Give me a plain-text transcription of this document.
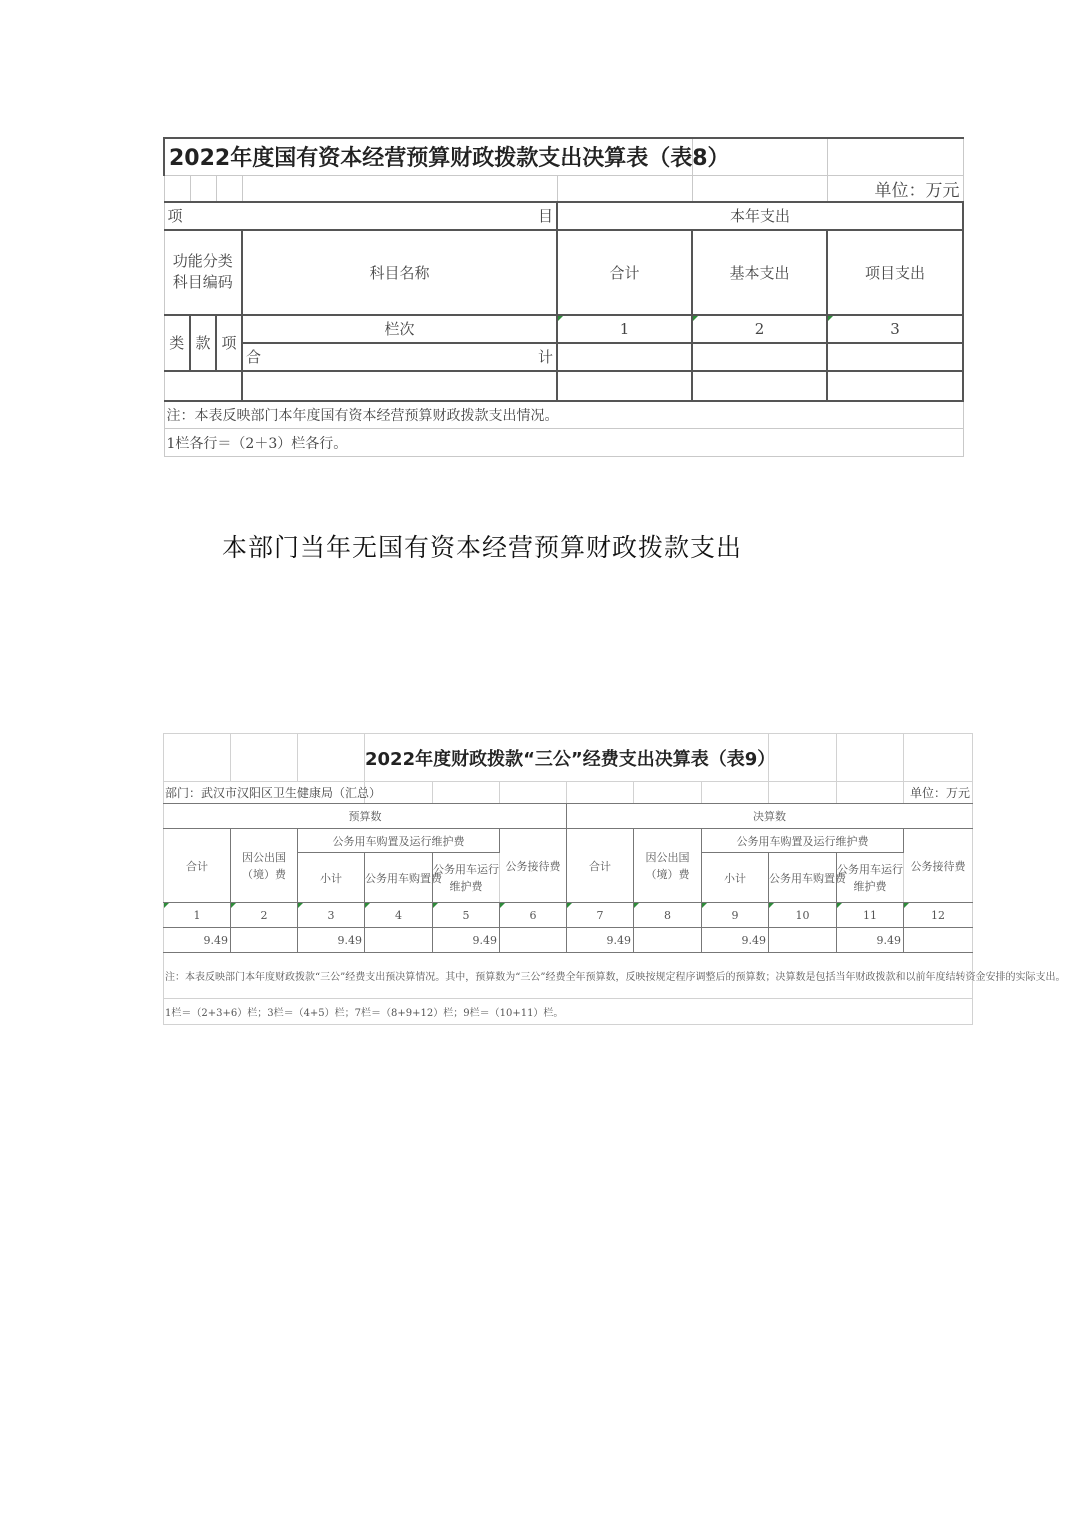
2022年度国有资本经营预算财政拨款支出决算表（表8）						
						单位：万元

项 目				本年支出		
功能分类科目编码			科目名称	合计	基本支出	项目支出
类	款	项	栏次	1	2	3

			合 计			

注：本表反映部门本年度国有资本经营预算财政拨款支出情况。						
1栏各行＝（2＋3）栏各行。						

本部门当年无国有资本经营预算财政拨款支出

			2022年度财政拨款“三公”经费支出决算表（表9）								
部门：武汉市汉阳区卫生健康局（汇总）											单位：万元
预算数						决算数					
合计	因公出国（境）费	公务用车购置及运行维护费			公务接待费	合计	因公出国（境）费	公务用车购置及运行维护费			公务接待费
		小计	公务用车购置费	公务用车运行维护费				小计	公务用车购置费	公务用车运行维护费	
1	2	3	4	5	6	7	8	9	10	11	12
9.49		9.49		9.49		9.49		9.49		9.49	
注：本表反映部门本年度财政拨款“三公”经费支出预决算情况。其中，预算数为“三公”经费全年预算数，反映按规定程序调整后的预算数；决算数是包括当年财政拨款和以前年度结转资金安排的实际支出。											
1栏＝（2+3+6）栏；3栏＝（4+5）栏；7栏＝（8+9+12）栏；9栏＝（10+11）栏。											
